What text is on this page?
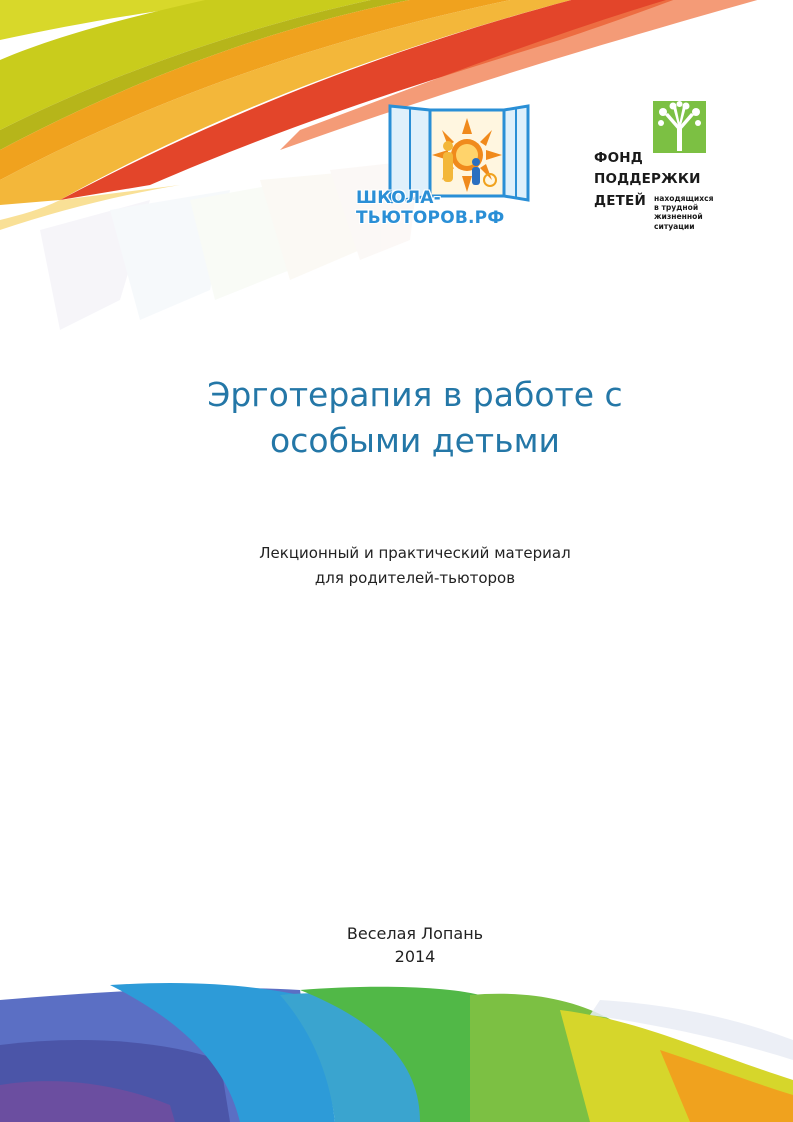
ШКОЛА-ТЬЮТОРОВ.РФ
ФОНД
ПОДДЕРЖКИ
ДЕТЕЙ находящихся
в трудной
жизненной
ситуации
Эрготерапия в работе с
особыми детьми
Лекционный и практический материал
для родителей-тьюторов
Веселая Лопань
2014
